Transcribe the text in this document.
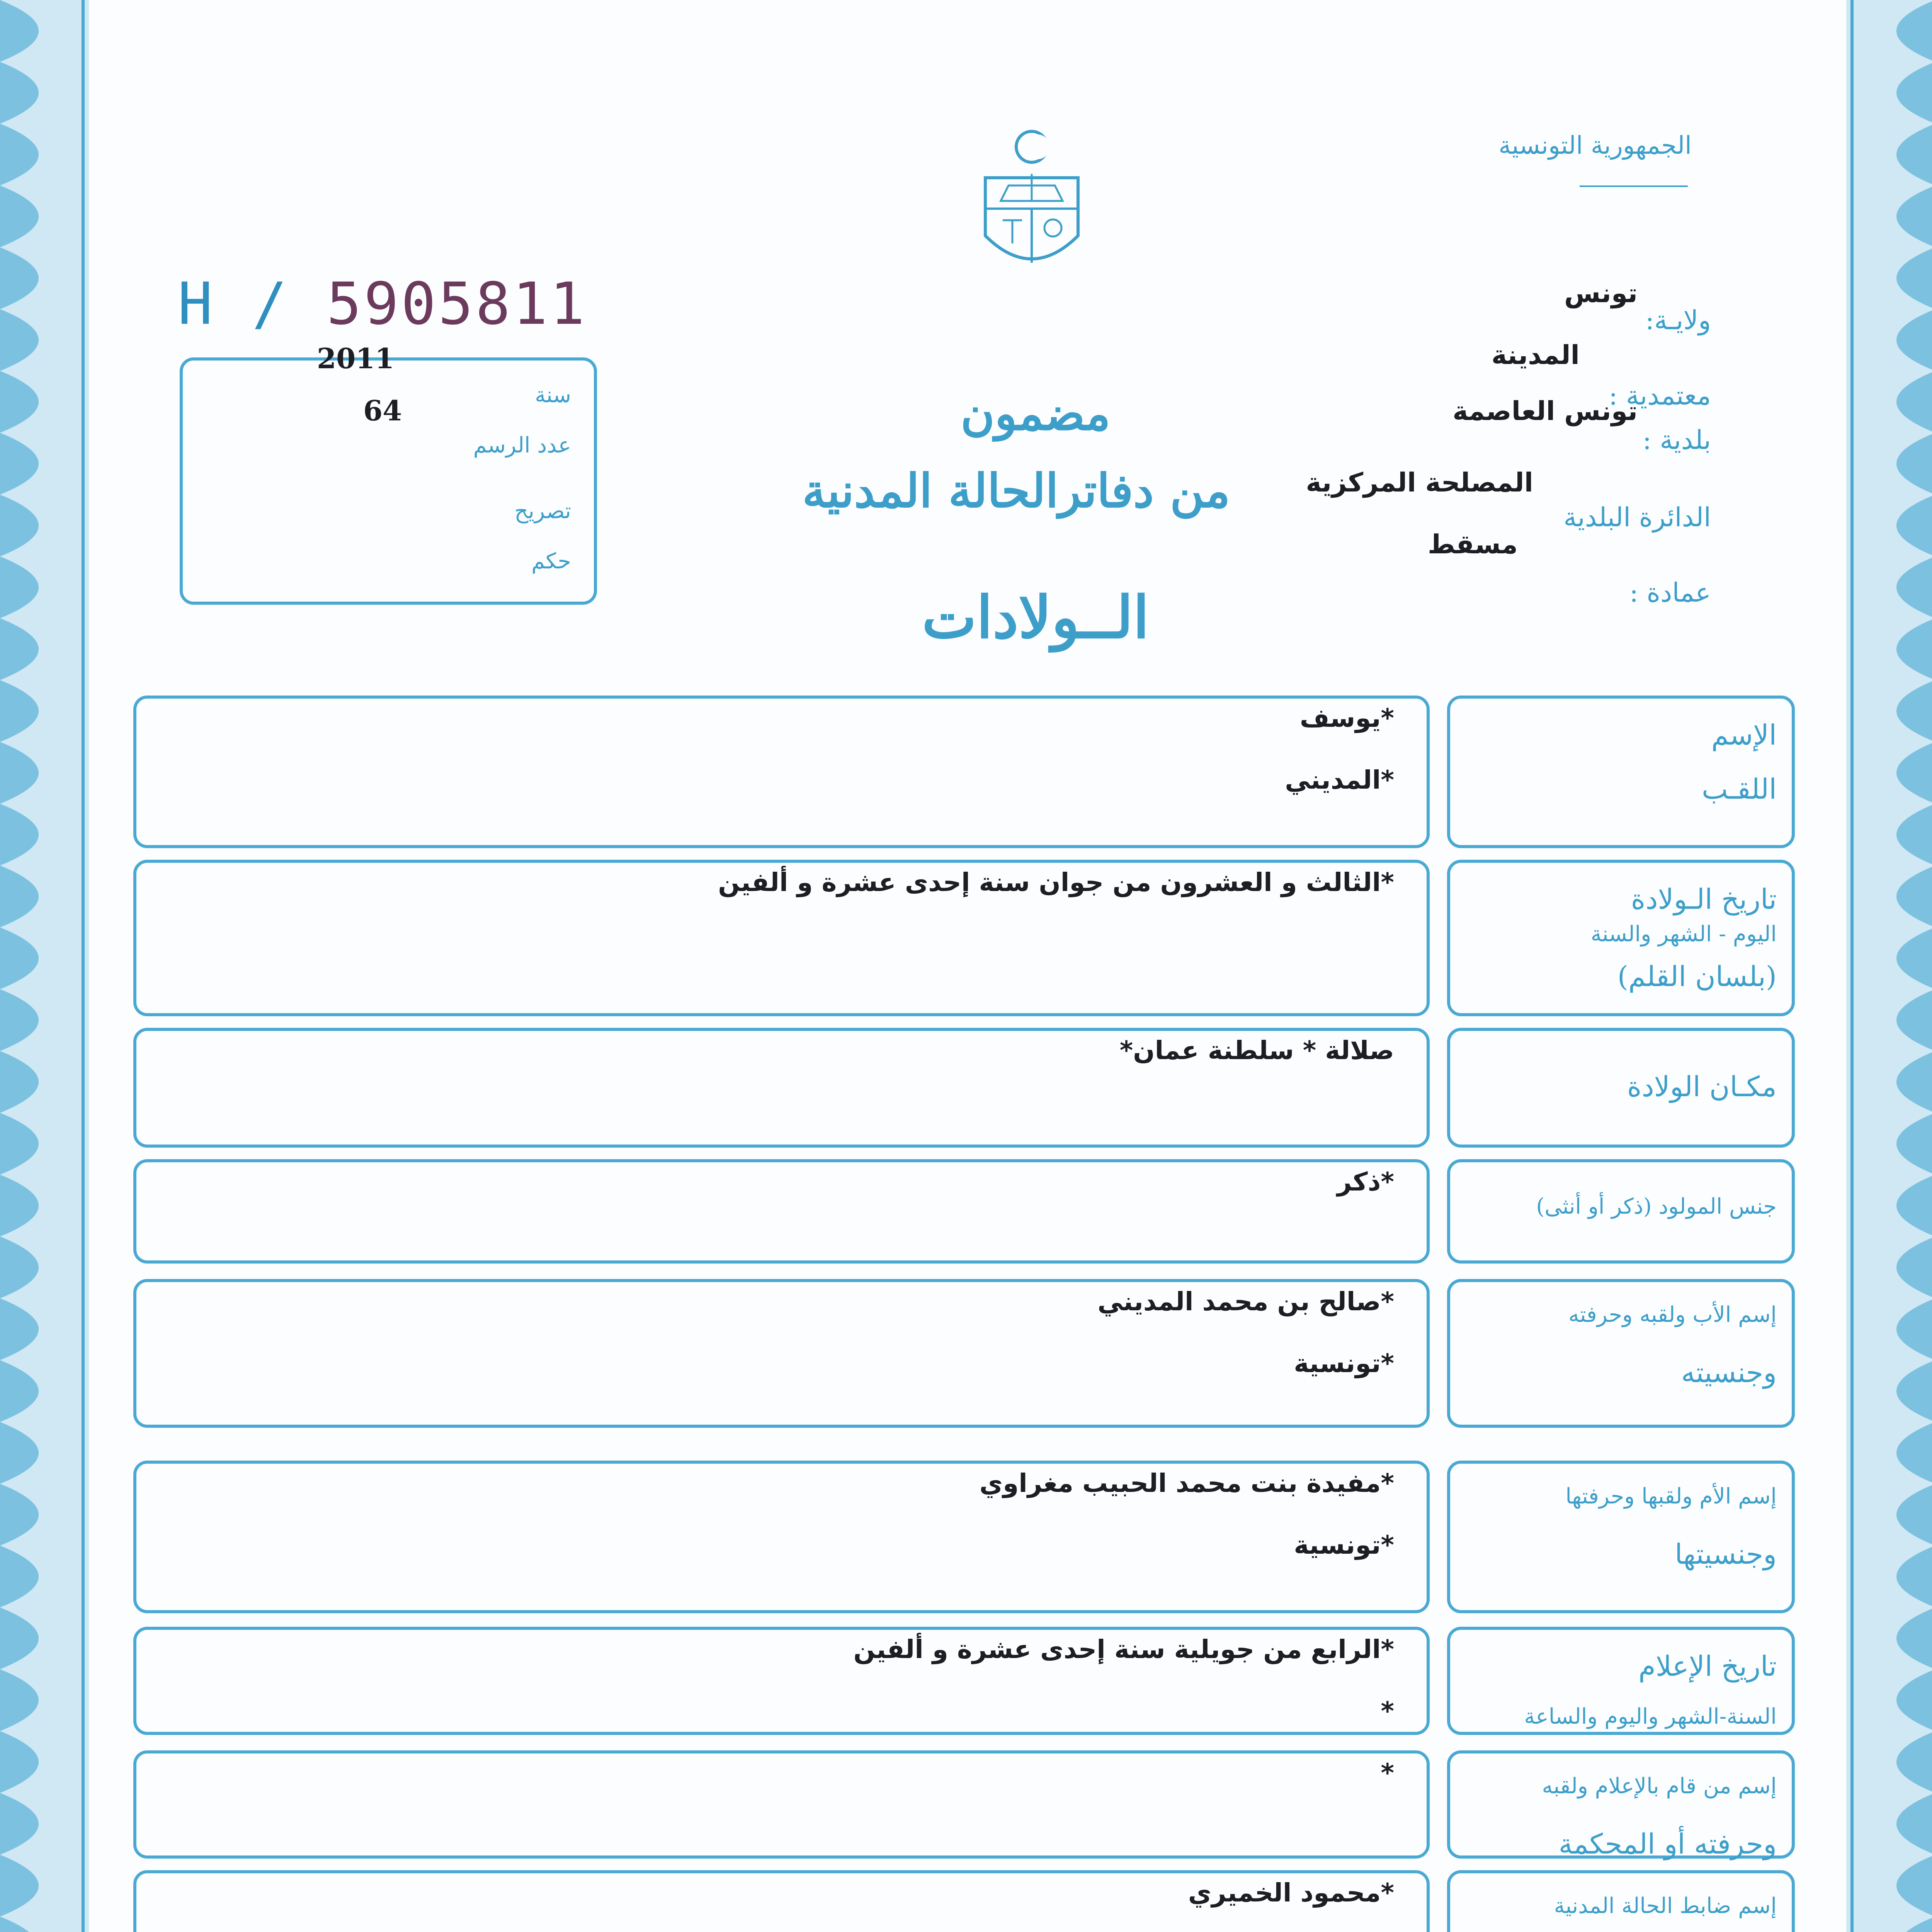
الجمهورية التونسية
H / 5905811
سنة
2011
عدد الرسم
64
تصريح
حكم
ولايـة:
تونس
معتمدية :
المدينة
بلدية :
تونس العاصمة
الدائرة البلدية
المصلحة المركزية
عمادة :
مسقط
مضمون
من دفاترالحالة المدنية
الــولادات
الإسم
اللقـب
*يوسف
*المديني
تاريخ الـولادة
اليوم - الشهر والسنة
(بلسان القلم)
*الثالث و العشرون من جوان سنة إحدى عشرة و ألفين
مكـان الولادة
صلالة * سلطنة عمان*
جنس المولود (ذكر أو أنثى)
*ذكر
إسم الأب ولقبه وحرفته
وجنسيته
*صالح بن محمد المديني
*تونسية
إسم الأم ولقبها وحرفتها
وجنسيتها
*مفيدة بنت محمد الحبيب مغراوي
*تونسية
تاريخ الإعلام
السنة-الشهر واليوم والساعة
*الرابع من جويلية سنة إحدى عشرة و ألفين
*
إسم من قام بالإعلام ولقبه
وحرفته أو المحكمة
*
إسم ضابط الحالة المدنية
*محمود الخميري
